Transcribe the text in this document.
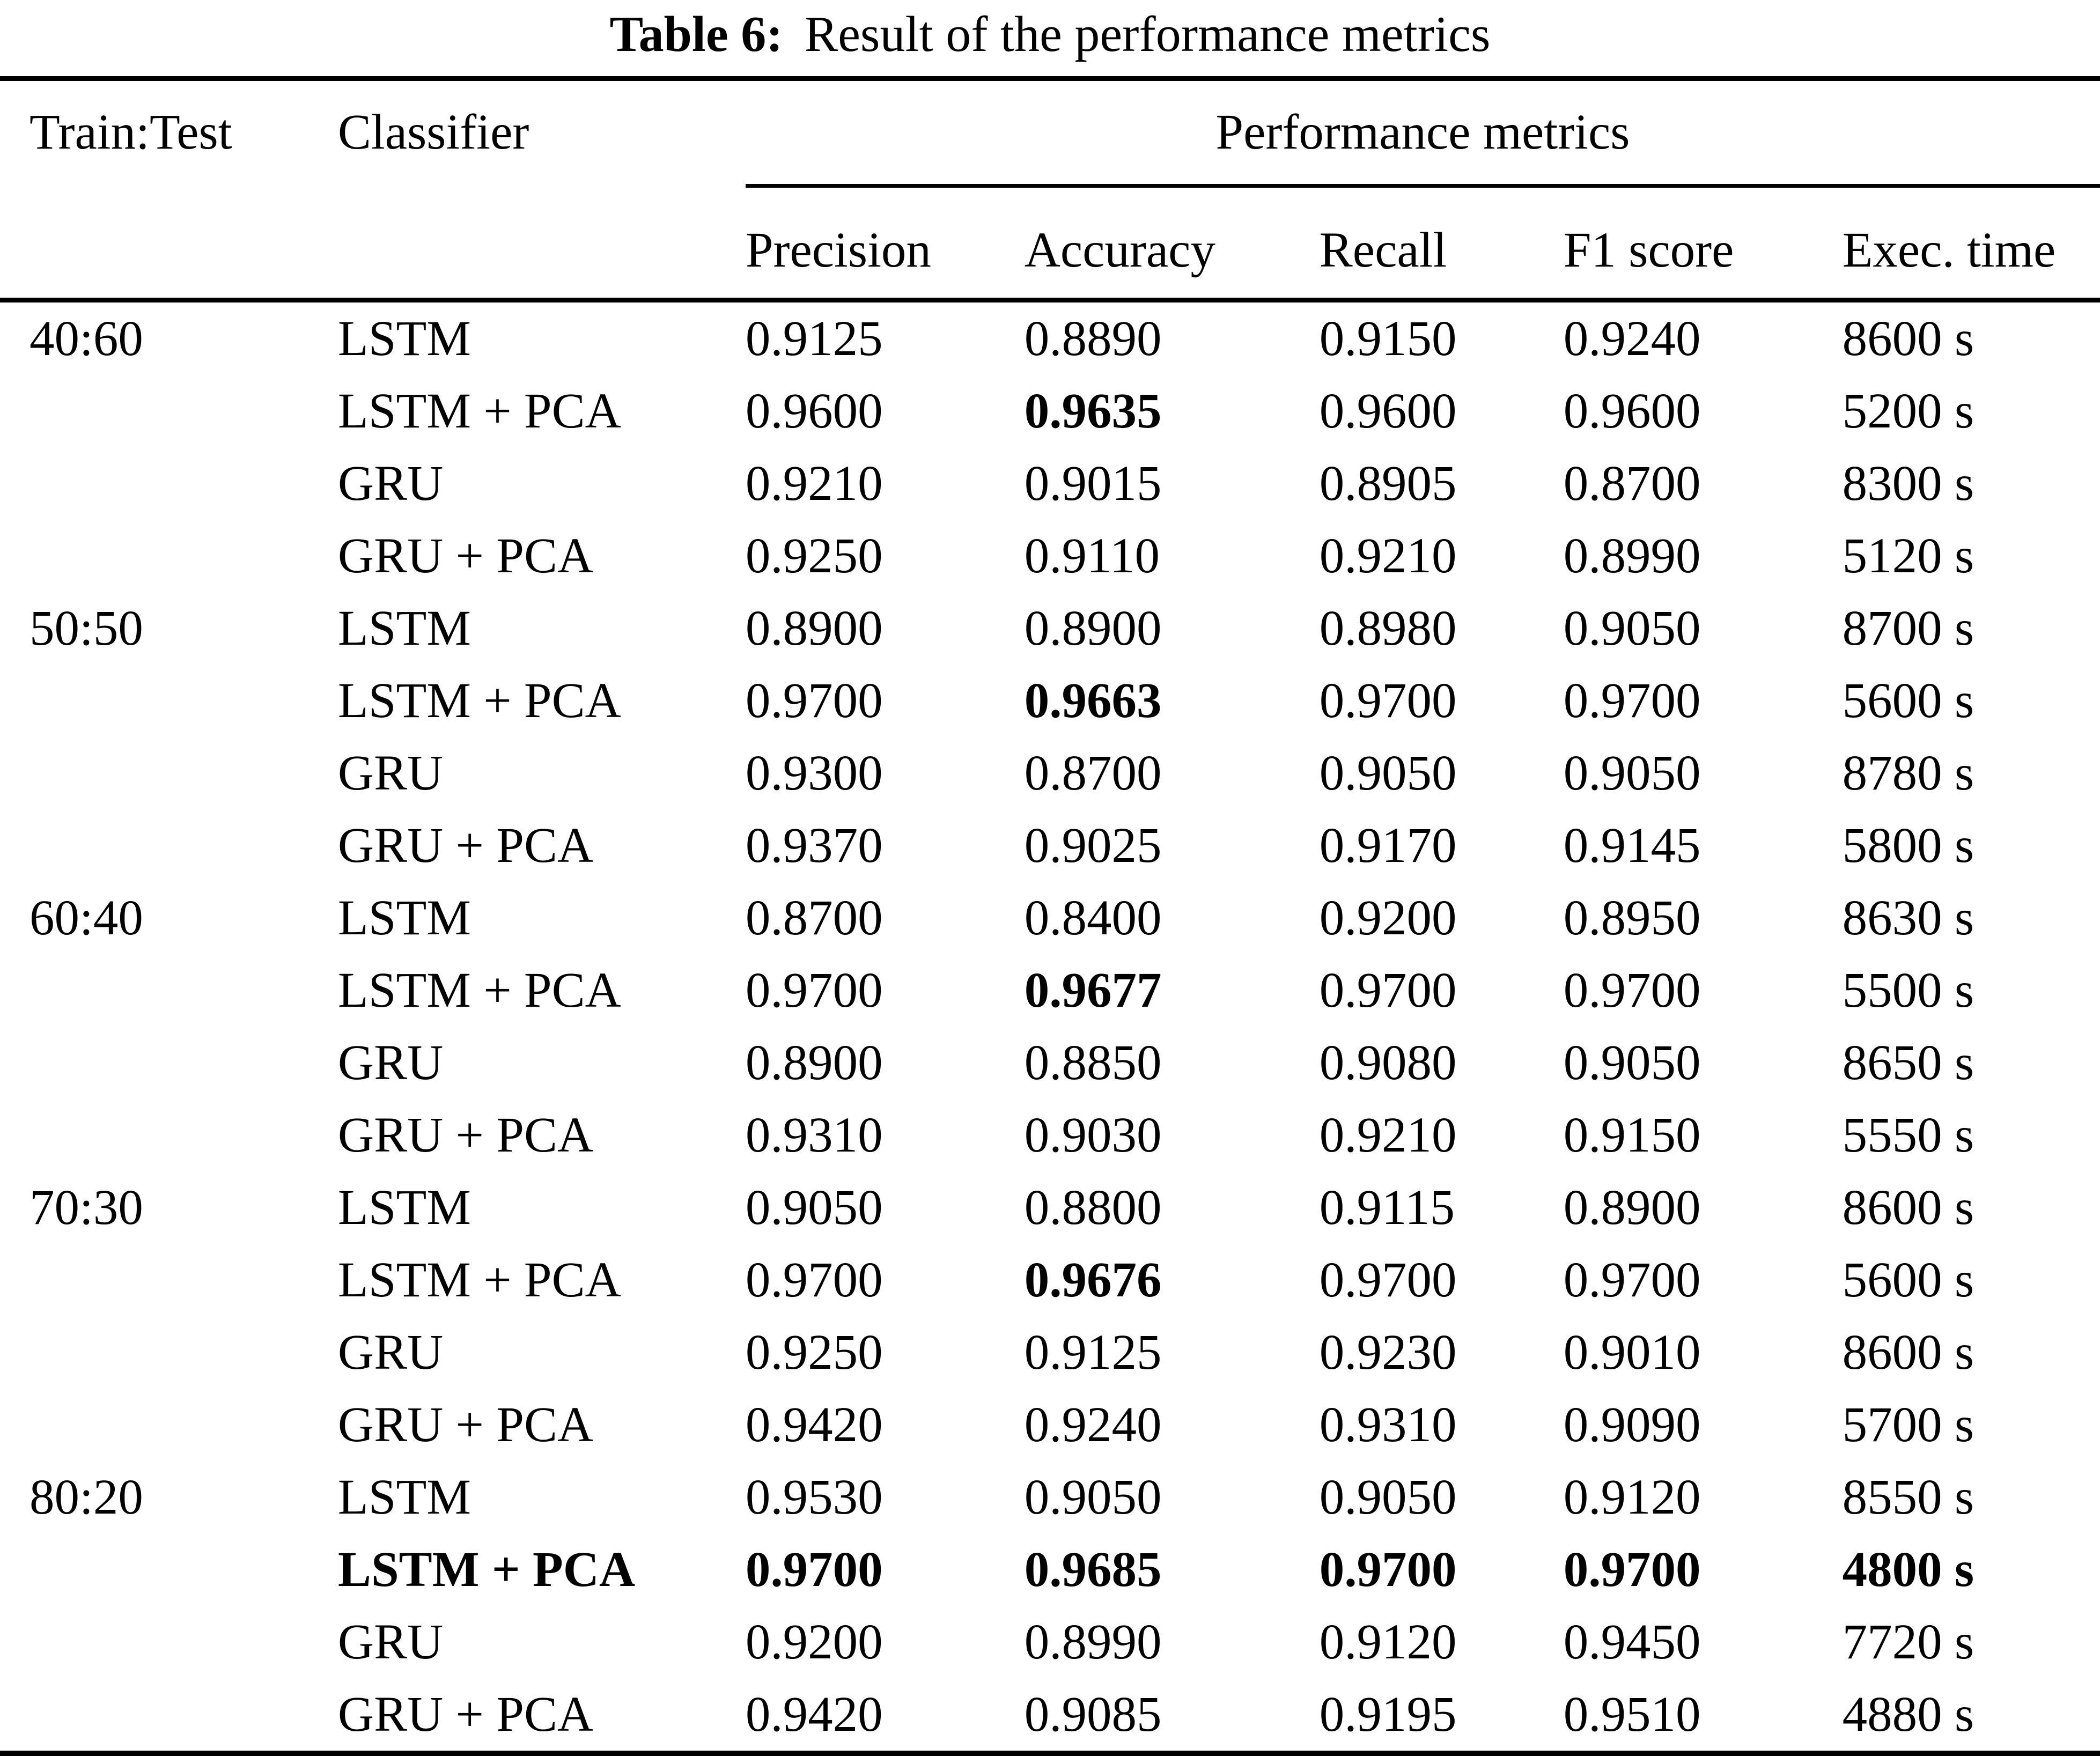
Table 6: Result of the performance metrics
Train:Test	Classifier	Performance metrics				
		Precision	Accuracy	Recall	F1 score	Exec. time
40:60	LSTM	0.9125	0.8890	0.9150	0.9240	8600 s
	LSTM + PCA	0.9600	0.9635	0.9600	0.9600	5200 s
	GRU	0.9210	0.9015	0.8905	0.8700	8300 s
	GRU + PCA	0.9250	0.9110	0.9210	0.8990	5120 s
50:50	LSTM	0.8900	0.8900	0.8980	0.9050	8700 s
	LSTM + PCA	0.9700	0.9663	0.9700	0.9700	5600 s
	GRU	0.9300	0.8700	0.9050	0.9050	8780 s
	GRU + PCA	0.9370	0.9025	0.9170	0.9145	5800 s
60:40	LSTM	0.8700	0.8400	0.9200	0.8950	8630 s
	LSTM + PCA	0.9700	0.9677	0.9700	0.9700	5500 s
	GRU	0.8900	0.8850	0.9080	0.9050	8650 s
	GRU + PCA	0.9310	0.9030	0.9210	0.9150	5550 s
70:30	LSTM	0.9050	0.8800	0.9115	0.8900	8600 s
	LSTM + PCA	0.9700	0.9676	0.9700	0.9700	5600 s
	GRU	0.9250	0.9125	0.9230	0.9010	8600 s
	GRU + PCA	0.9420	0.9240	0.9310	0.9090	5700 s
80:20	LSTM	0.9530	0.9050	0.9050	0.9120	8550 s
	LSTM + PCA	0.9700	0.9685	0.9700	0.9700	4800 s
	GRU	0.9200	0.8990	0.9120	0.9450	7720 s
	GRU + PCA	0.9420	0.9085	0.9195	0.9510	4880 s
